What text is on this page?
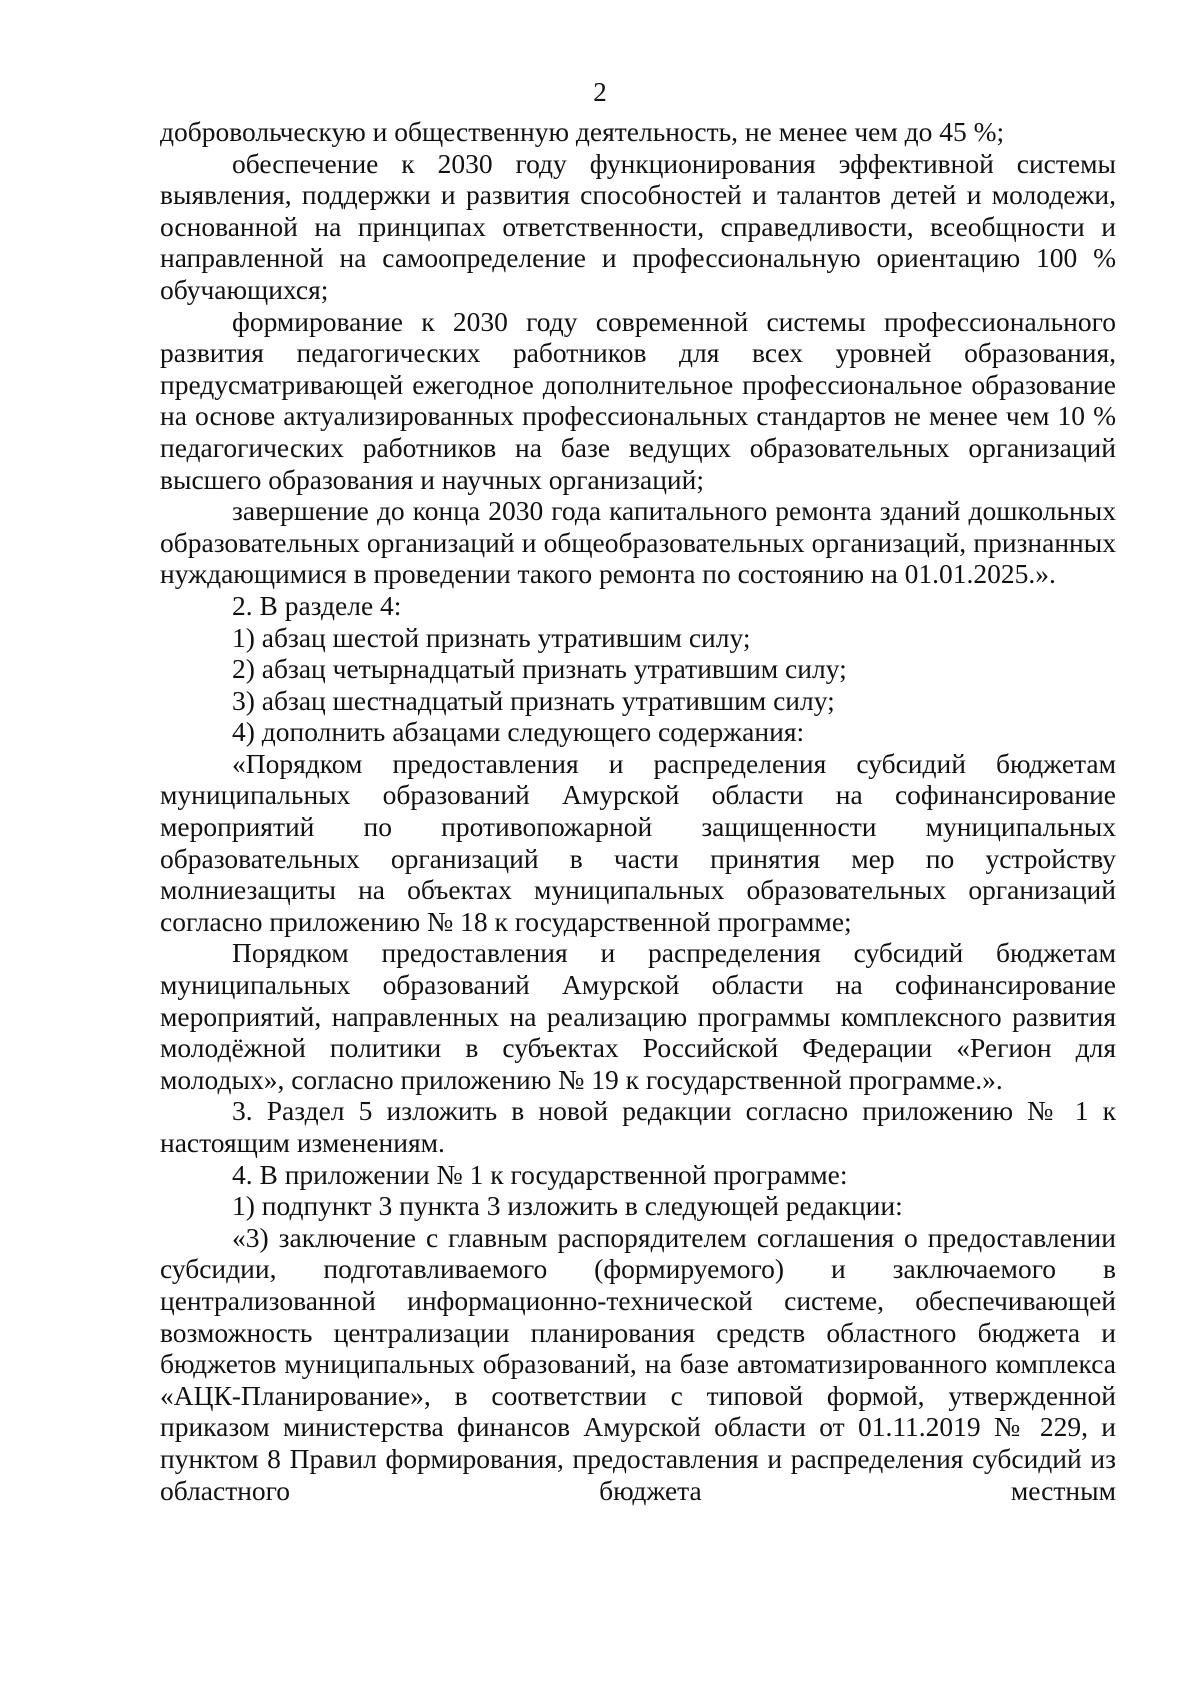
2

добровольческую и общественную деятельность, не менее чем до 45 %;

обеспечение к 2030 году функционирования эффективной системы выявления, поддержки и развития способностей и талантов детей и молодежи, основанной на принципах ответственности, справедливости, всеобщности и направленной на самоопределение и профессиональную ориентацию 100 % обучающихся;

формирование к 2030 году современной системы профессионального развития педагогических работников для всех уровней образования, предусматривающей ежегодное дополнительное профессиональное образование на основе актуализированных профессиональных стандартов не менее чем 10 % педагогических работников на базе ведущих образовательных организаций высшего образования и научных организаций;

завершение до конца 2030 года капитального ремонта зданий дошкольных образовательных организаций и общеобразовательных организаций, признанных нуждающимися в проведении такого ремонта по состоянию на 01.01.2025.».

2. В разделе 4:

1) абзац шестой признать утратившим силу;

2) абзац четырнадцатый признать утратившим силу;

3) абзац шестнадцатый признать утратившим силу;

4) дополнить абзацами следующего содержания:

«Порядком предоставления и распределения субсидий бюджетам муниципальных образований Амурской области на софинансирование мероприятий по противопожарной защищенности муниципальных образовательных организаций в части принятия мер по устройству молниезащиты на объектах муниципальных образовательных организаций согласно приложению № 18 к государственной программе;

Порядком предоставления и распределения субсидий бюджетам муниципальных образований Амурской области на софинансирование мероприятий, направленных на реализацию программы комплексного развития молодёжной политики в субъектах Российской Федерации «Регион для молодых», согласно приложению № 19 к государственной программе.».

3. Раздел 5 изложить в новой редакции согласно приложению № 1 к настоящим изменениям.

4. В приложении № 1 к государственной программе:

1) подпункт 3 пункта 3 изложить в следующей редакции:

«3) заключение с главным распорядителем соглашения о предоставлении субсидии, подготавливаемого (формируемого) и заключаемого в централизованной информационно-технической системе, обеспечивающей возможность централизации планирования средств областного бюджета и бюджетов муниципальных образований, на базе автоматизированного комплекса «АЦК-Планирование», в соответствии с типовой формой, утвержденной приказом министерства финансов Амурской области от 01.11.2019 № 229, и пунктом 8 Правил формирования, предоставления и распределения субсидий из областного бюджета местным
